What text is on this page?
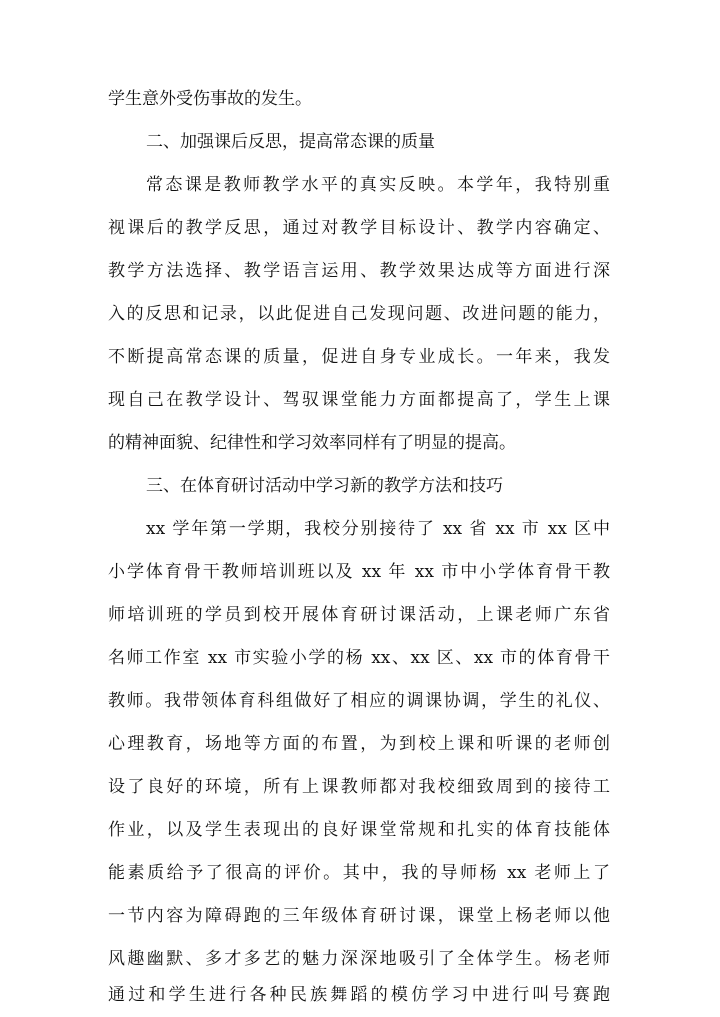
学生意外受伤事故的发生。
二、加强课后反思，提高常态课的质量
常态课是教师教学水平的真实反映。本学年，我特别重
视课后的教学反思，通过对教学目标设计、教学内容确定、
教学方法选择、教学语言运用、教学效果达成等方面进行深
入的反思和记录，以此促进自己发现问题、改进问题的能力，
不断提高常态课的质量，促进自身专业成长。一年来，我发
现自己在教学设计、驾驭课堂能力方面都提高了，学生上课
的精神面貌、纪律性和学习效率同样有了明显的提高。
三、在体育研讨活动中学习新的教学方法和技巧
xx 学年第一学期，我校分别接待了 xx 省 xx 市 xx 区中
小学体育骨干教师培训班以及 xx 年 xx 市中小学体育骨干教
师培训班的学员到校开展体育研讨课活动，上课老师广东省
名师工作室 xx 市实验小学的杨 xx、xx 区、xx 市的体育骨干
教师。我带领体育科组做好了相应的调课协调，学生的礼仪、
心理教育，场地等方面的布置，为到校上课和听课的老师创
设了良好的环境，所有上课教师都对我校细致周到的接待工
作业，以及学生表现出的良好课堂常规和扎实的体育技能体
能素质给予了很高的评价。其中，我的导师杨 xx 老师上了
一节内容为障碍跑的三年级体育研讨课，课堂上杨老师以他
风趣幽默、多才多艺的魅力深深地吸引了全体学生。杨老师
通过和学生进行各种民族舞蹈的模仿学习中进行叫号赛跑
